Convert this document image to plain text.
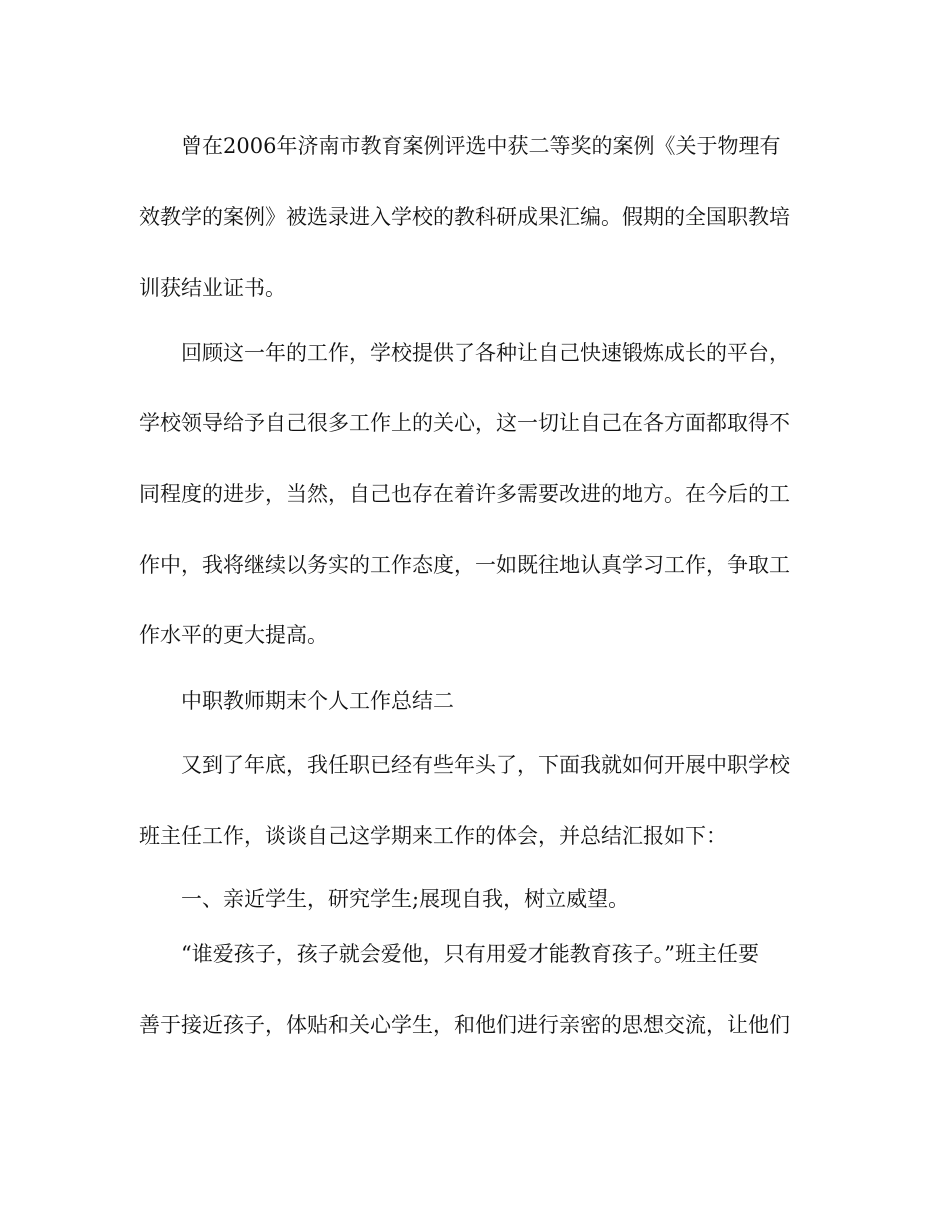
曾在2006年济南市教育案例评选中获二等奖的案例《关于物理有
效教学的案例》被选录进入学校的教科研成果汇编。假期的全国职教培
训获结业证书。
回顾这一年的工作，学校提供了各种让自己快速锻炼成长的平台，
学校领导给予自己很多工作上的关心，这一切让自己在各方面都取得不
同程度的进步，当然，自己也存在着许多需要改进的地方。在今后的工
作中，我将继续以务实的工作态度，一如既往地认真学习工作，争取工
作水平的更大提高。
中职教师期末个人工作总结二
又到了年底，我任职已经有些年头了，下面我就如何开展中职学校
班主任工作，谈谈自己这学期来工作的体会，并总结汇报如下：
一、亲近学生，研究学生;展现自我，树立威望。
“谁爱孩子，孩子就会爱他，只有用爱才能教育孩子。”班主任要
善于接近孩子，体贴和关心学生，和他们进行亲密的思想交流，让他们
